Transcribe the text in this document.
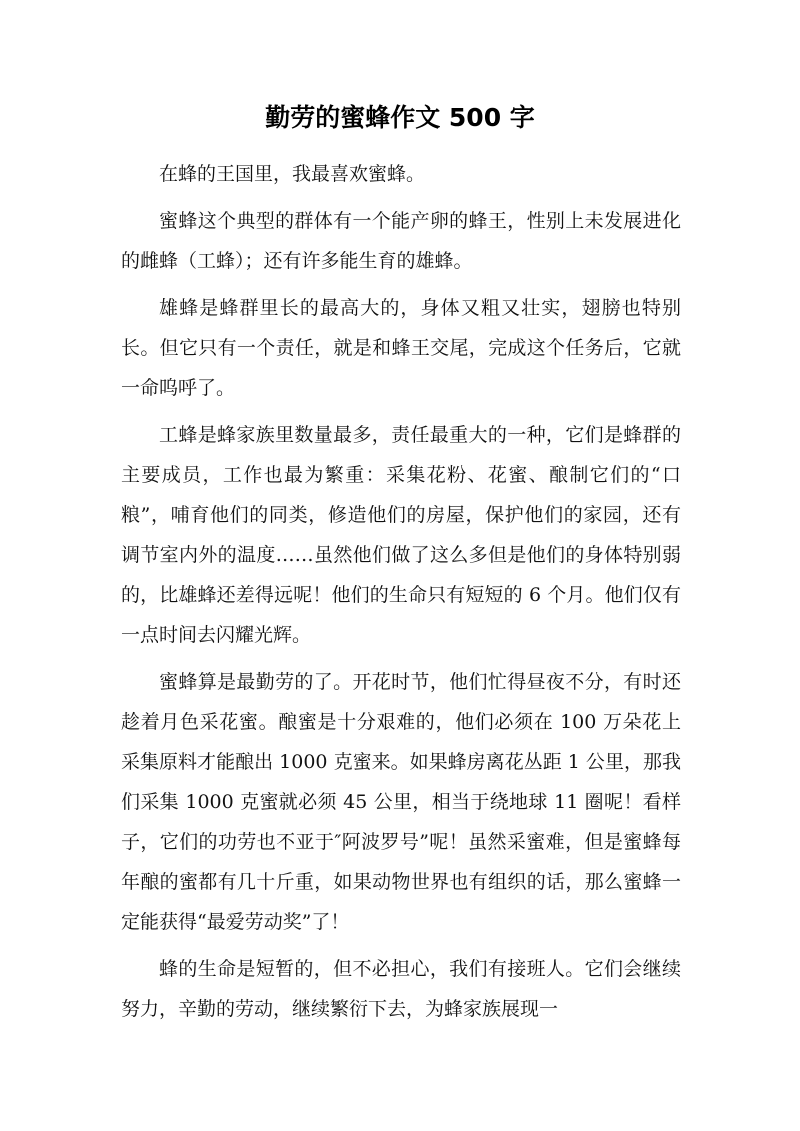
勤劳的蜜蜂作文 500 字

在蜂的王国里，我最喜欢蜜蜂。

蜜蜂这个典型的群体有一个能产卵的蜂王，性别上未发展进化的雌蜂（工蜂）；还有许多能生育的雄蜂。

雄蜂是蜂群里长的最高大的，身体又粗又壮实，翅膀也特别长。但它只有一个责任，就是和蜂王交尾，完成这个任务后，它就一命呜呼了。

工蜂是蜂家族里数量最多，责任最重大的一种，它们是蜂群的主要成员，工作也最为繁重：采集花粉、花蜜、酿制它们的“口粮”，哺育他们的同类，修造他们的房屋，保护他们的家园，还有调节室内外的温度……虽然他们做了这么多但是他们的身体特别弱的，比雄蜂还差得远呢！他们的生命只有短短的 6 个月。他们仅有一点时间去闪耀光辉。

蜜蜂算是最勤劳的了。开花时节，他们忙得昼夜不分，有时还趁着月色采花蜜。酿蜜是十分艰难的，他们必须在 100 万朵花上采集原料才能酿出 1000 克蜜来。如果蜂房离花丛距 1 公里，那我们采集 1000 克蜜就必须 45 公里，相当于绕地球 11 圈呢！看样子，它们的功劳也不亚于″阿波罗号”呢！虽然采蜜难，但是蜜蜂每年酿的蜜都有几十斤重，如果动物世界也有组织的话，那么蜜蜂一定能获得“最爱劳动奖”了！

蜂的生命是短暂的，但不必担心，我们有接班人。它们会继续努力，辛勤的劳动，继续繁衍下去，为蜂家族展现一
